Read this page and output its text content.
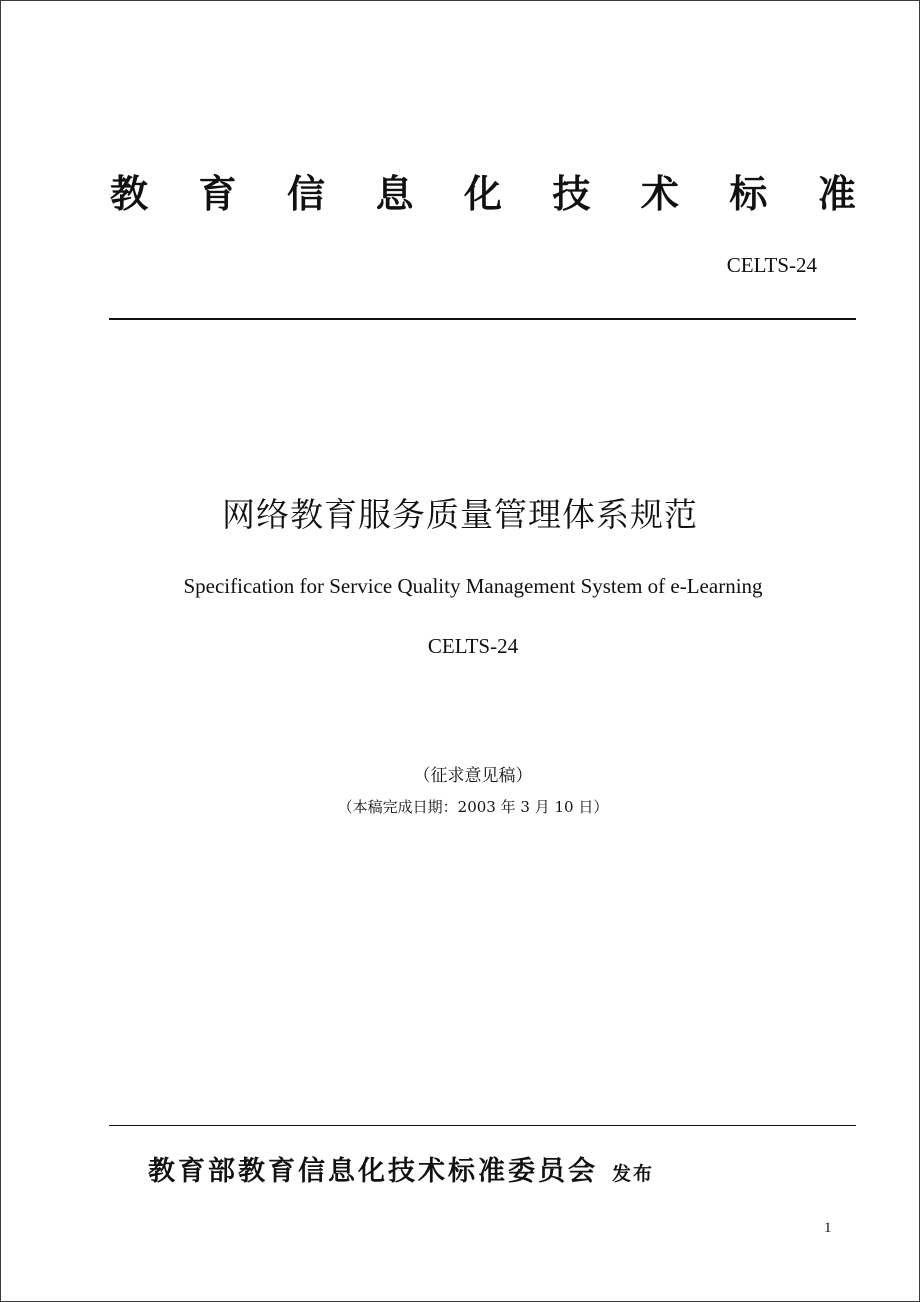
教 育 信 息 化 技 术 标 准
CELTS-24
网络教育服务质量管理体系规范
Specification for Service Quality Management System of e-Learning
CELTS-24
（征求意见稿）
（本稿完成日期：2003 年 3 月 10 日）
教育部教育信息化技术标准委员会 发布
1
